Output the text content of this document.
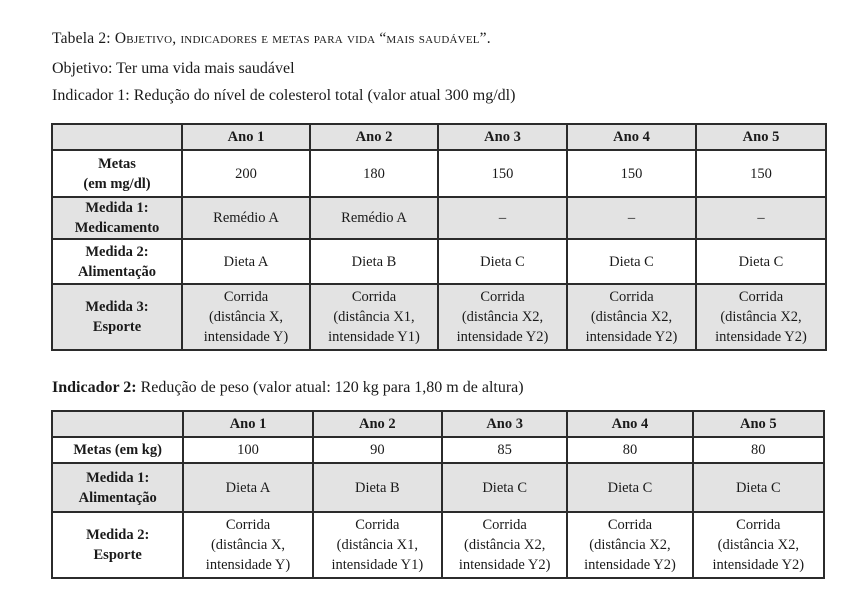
Tabela 2: Objetivo, indicadores e metas para vida “mais saudável”.
Objetivo: Ter uma vida mais saudável
Indicador 1: Redução do nível de colesterol total (valor atual 300 mg/dl)
	Ano 1	Ano 2	Ano 3	Ano 4	Ano 5
Metas
(em mg/dl)	200	180	150	150	150
Medida 1:
Medicamento	Remédio A	Remédio A	–	–	–
Medida 2:
Alimentação	Dieta A	Dieta B	Dieta C	Dieta C	Dieta C
Medida 3:
Esporte	Corrida
(distância X,
intensidade Y)	Corrida
(distância X1,
intensidade Y1)	Corrida
(distância X2,
intensidade Y2)	Corrida
(distância X2,
intensidade Y2)	Corrida
(distância X2,
intensidade Y2)
Indicador 2: Redução de peso (valor atual: 120 kg para 1,80 m de altura)
	Ano 1	Ano 2	Ano 3	Ano 4	Ano 5
Metas (em kg)	100	90	85	80	80
Medida 1:
Alimentação	Dieta A	Dieta B	Dieta C	Dieta C	Dieta C
Medida 2:
Esporte	Corrida
(distância X,
intensidade Y)	Corrida
(distância X1,
intensidade Y1)	Corrida
(distância X2,
intensidade Y2)	Corrida
(distância X2,
intensidade Y2)	Corrida
(distância X2,
intensidade Y2)
